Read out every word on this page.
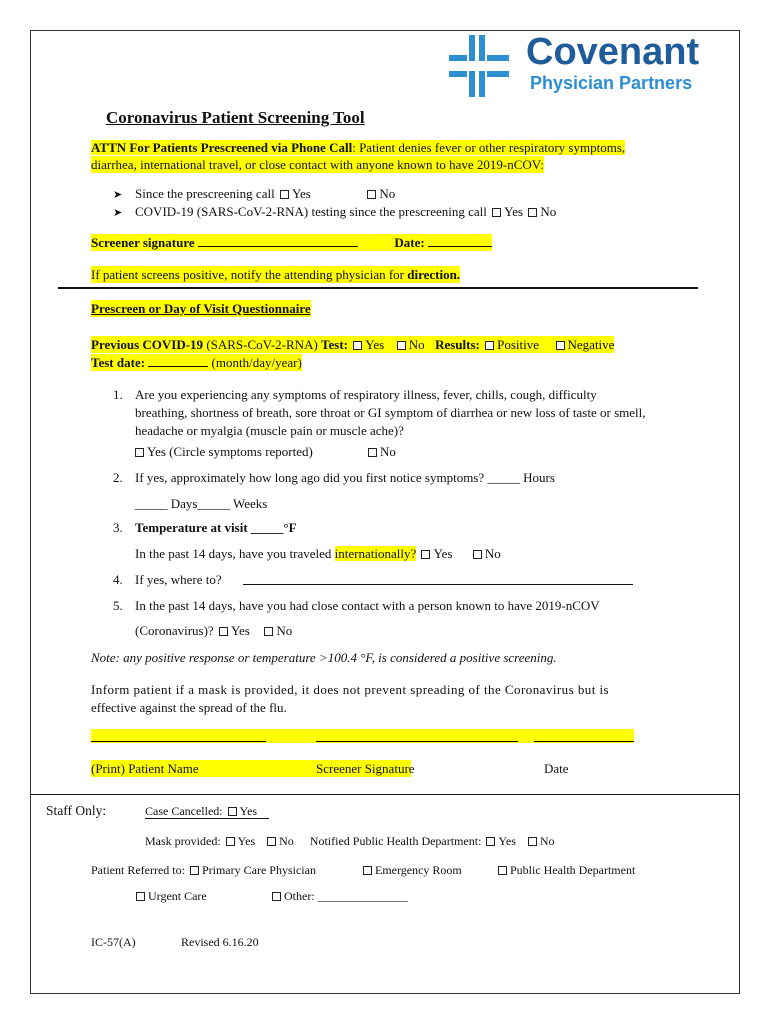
Covenant
Physician Partners
Coronavirus Patient Screening Tool
ATTN For Patients Prescreened via Phone Call: Patient denies fever or other respiratory symptoms,
diarrhea, international travel, or close contact with anyone known to have 2019-nCOV:
➤ Since the prescreening call Yes	No
➤ COVID-19 (SARS-CoV-2-RNA) testing since the prescreening call Yes No
Screener signature	Date:
If patient screens positive, notify the attending physician for direction.
Prescreen or Day of Visit Questionnaire
Previous COVID-19 (SARS-CoV-2-RNA) Test: Yes No Results: Positive Negative
Test date:	(month/day/year)
1. Are you experiencing any symptoms of respiratory illness, fever, chills, cough, difficulty
breathing, shortness of breath, sore throat or GI symptom of diarrhea or new loss of taste or smell,
headache or myalgia (muscle pain or muscle ache)?
Yes (Circle symptoms reported)	No
2. If yes, approximately how long ago did you first notice symptoms? _____ Hours
_____ Days_____ Weeks
3. Temperature at visit _____°F
In the past 14 days, have you traveled internationally? Yes	No
4. If yes, where to?
5. In the past 14 days, have you had close contact with a person known to have 2019-nCOV
(Coronavirus)? Yes No
Note: any positive response or temperature >100.4 °F, is considered a positive screening.
Inform patient if a mask is provided, it does not prevent spreading of the Coronavirus but is
effective against the spread of the flu.
(Print) Patient Name	Screener Signature	Date
Staff Only:	Case Cancelled: Yes
Mask provided: Yes No Notified Public Health Department: Yes No
Patient Referred to: Primary Care Physician	Emergency Room	Public Health Department
Urgent Care	Other: _______________
IC-57(A)	Revised 6.16.20
